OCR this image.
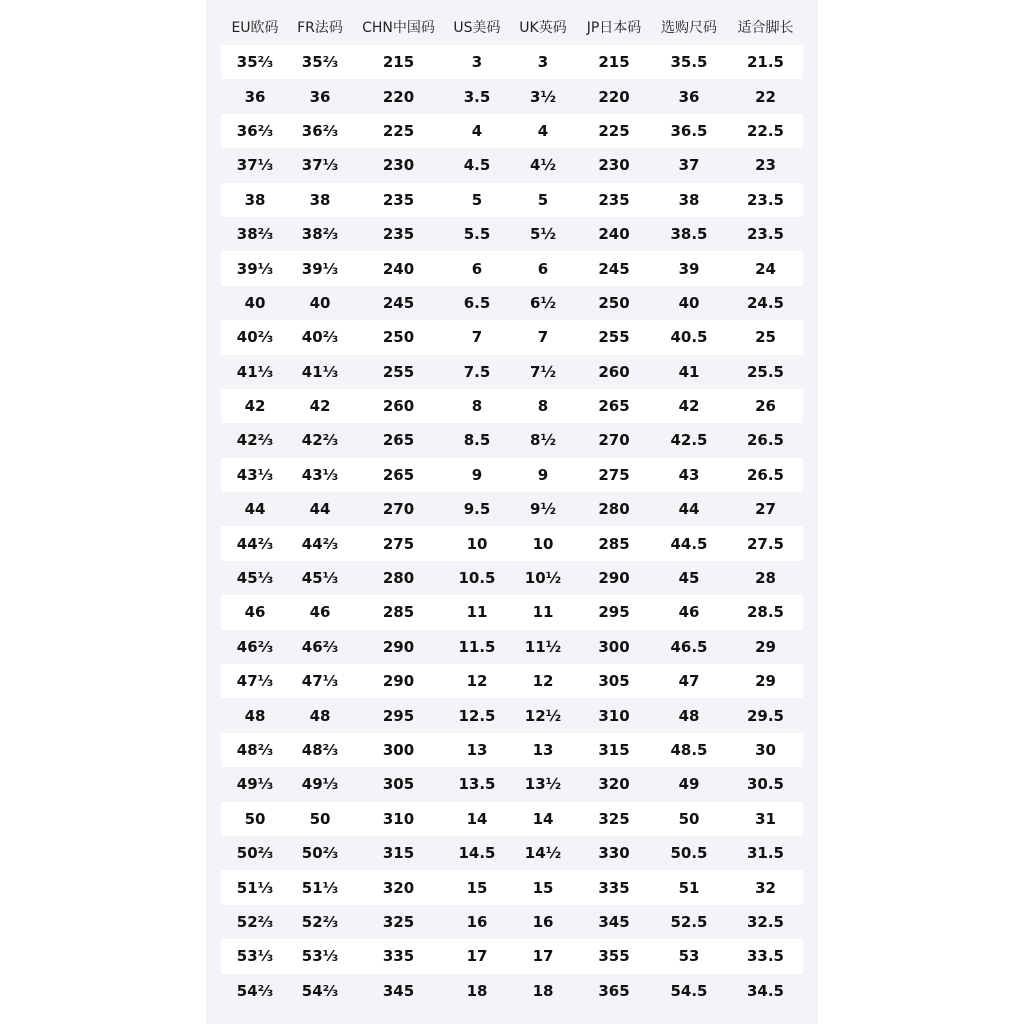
EU欧码	FR法码	CHN中国码	US美码	UK英码	JP日本码	选购尺码	适合脚长
35⅔	35⅔	215	3	3	215	35.5	21.5
36	36	220	3.5	3½	220	36	22
36⅔	36⅔	225	4	4	225	36.5	22.5
37⅓	37⅓	230	4.5	4½	230	37	23
38	38	235	5	5	235	38	23.5
38⅔	38⅔	235	5.5	5½	240	38.5	23.5
39⅓	39⅓	240	6	6	245	39	24
40	40	245	6.5	6½	250	40	24.5
40⅔	40⅔	250	7	7	255	40.5	25
41⅓	41⅓	255	7.5	7½	260	41	25.5
42	42	260	8	8	265	42	26
42⅔	42⅔	265	8.5	8½	270	42.5	26.5
43⅓	43⅓	265	9	9	275	43	26.5
44	44	270	9.5	9½	280	44	27
44⅔	44⅔	275	10	10	285	44.5	27.5
45⅓	45⅓	280	10.5	10½	290	45	28
46	46	285	11	11	295	46	28.5
46⅔	46⅔	290	11.5	11½	300	46.5	29
47⅓	47⅓	290	12	12	305	47	29
48	48	295	12.5	12½	310	48	29.5
48⅔	48⅔	300	13	13	315	48.5	30
49⅓	49⅓	305	13.5	13½	320	49	30.5
50	50	310	14	14	325	50	31
50⅔	50⅔	315	14.5	14½	330	50.5	31.5
51⅓	51⅓	320	15	15	335	51	32
52⅔	52⅔	325	16	16	345	52.5	32.5
53⅓	53⅓	335	17	17	355	53	33.5
54⅔	54⅔	345	18	18	365	54.5	34.5
